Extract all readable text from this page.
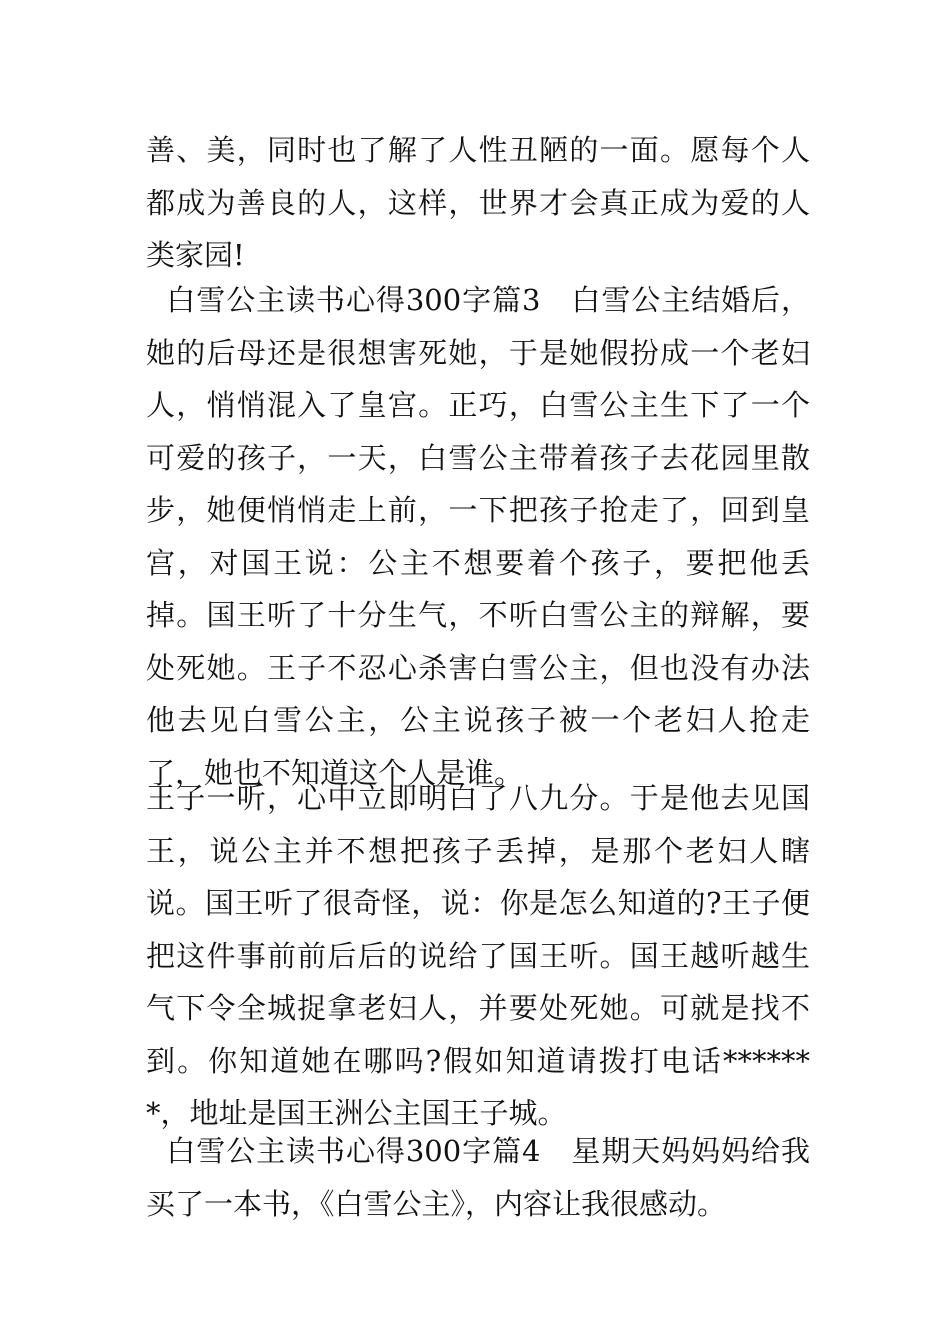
善、美，同时也了解了人性丑陋的一面。愿每个人都成为善良的人，这样，世界才会真正成为爱的人类家园!

白雪公主读书心得300字篇3　白雪公主结婚后，她的后母还是很想害死她，于是她假扮成一个老妇人，悄悄混入了皇宫。正巧，白雪公主生下了一个可爱的孩子，一天，白雪公主带着孩子去花园里散步，她便悄悄走上前，一下把孩子抢走了，回到皇宫，对国王说：公主不想要着个孩子，要把他丢掉。国王听了十分生气，不听白雪公主的辩解，要处死她。王子不忍心杀害白雪公主，但也没有办法他去见白雪公主，公主说孩子被一个老妇人抢走了，她也不知道这个人是谁。

王子一听，心中立即明白了八九分。于是他去见国王，说公主并不想把孩子丢掉，是那个老妇人瞎说。国王听了很奇怪，说：你是怎么知道的?王子便把这件事前前后后的说给了国王听。国王越听越生气下令全城捉拿老妇人，并要处死她。可就是找不到。你知道她在哪吗?假如知道请拨打电话*******，地址是国王洲公主国王子城。

白雪公主读书心得300字篇4　星期天妈妈妈给我买了一本书，《白雪公主》，内容让我很感动。
